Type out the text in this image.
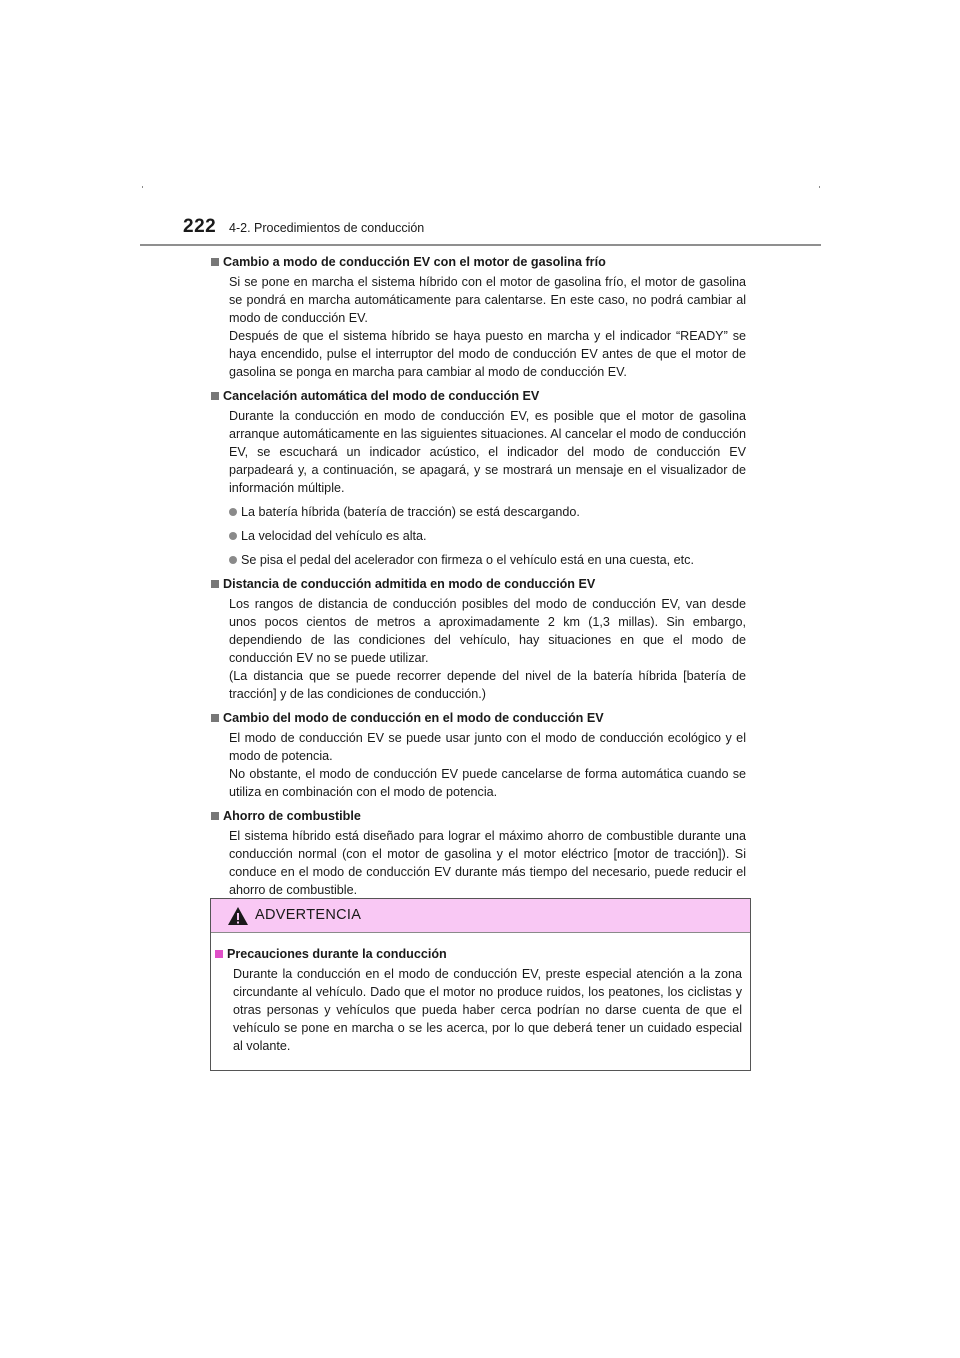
222 4-2. Procedimientos de conducción
Cambio a modo de conducción EV con el motor de gasolina frío
Si se pone en marcha el sistema híbrido con el motor de gasolina frío, el motor de gasolina se pondrá en marcha automáticamente para calentarse. En este caso, no podrá cambiar al modo de conducción EV.
Después de que el sistema híbrido se haya puesto en marcha y el indicador “READY” se haya encendido, pulse el interruptor del modo de conducción EV antes de que el motor de gasolina se ponga en marcha para cambiar al modo de conducción EV.
Cancelación automática del modo de conducción EV
Durante la conducción en modo de conducción EV, es posible que el motor de gasolina arranque automáticamente en las siguientes situaciones. Al cancelar el modo de conducción EV, se escuchará un indicador acústico, el indicador del modo de conducción EV parpadeará y, a continuación, se apagará, y se mostrará un mensaje en el visualizador de información múltiple.
La batería híbrida (batería de tracción) se está descargando.
La velocidad del vehículo es alta.
Se pisa el pedal del acelerador con firmeza o el vehículo está en una cuesta, etc.
Distancia de conducción admitida en modo de conducción EV
Los rangos de distancia de conducción posibles del modo de conducción EV, van desde unos pocos cientos de metros a aproximadamente 2 km (1,3 millas). Sin embargo, dependiendo de las condiciones del vehículo, hay situaciones en que el modo de conducción EV no se puede utilizar.
(La distancia que se puede recorrer depende del nivel de la batería híbrida [batería de tracción] y de las condiciones de conducción.)
Cambio del modo de conducción en el modo de conducción EV
El modo de conducción EV se puede usar junto con el modo de conducción ecológico y el modo de potencia.
No obstante, el modo de conducción EV puede cancelarse de forma automática cuando se utiliza en combinación con el modo de potencia.
Ahorro de combustible
El sistema híbrido está diseñado para lograr el máximo ahorro de combustible durante una conducción normal (con el motor de gasolina y el motor eléctrico [motor de tracción]). Si conduce en el modo de conducción EV durante más tiempo del necesario, puede reducir el ahorro de combustible.
ADVERTENCIA
Precauciones durante la conducción
Durante la conducción en el modo de conducción EV, preste especial atención a la zona circundante al vehículo. Dado que el motor no produce ruidos, los peatones, los ciclistas y otras personas y vehículos que pueda haber cerca podrían no darse cuenta de que el vehículo se pone en marcha o se les acerca, por lo que deberá tener un cuidado especial al volante.
